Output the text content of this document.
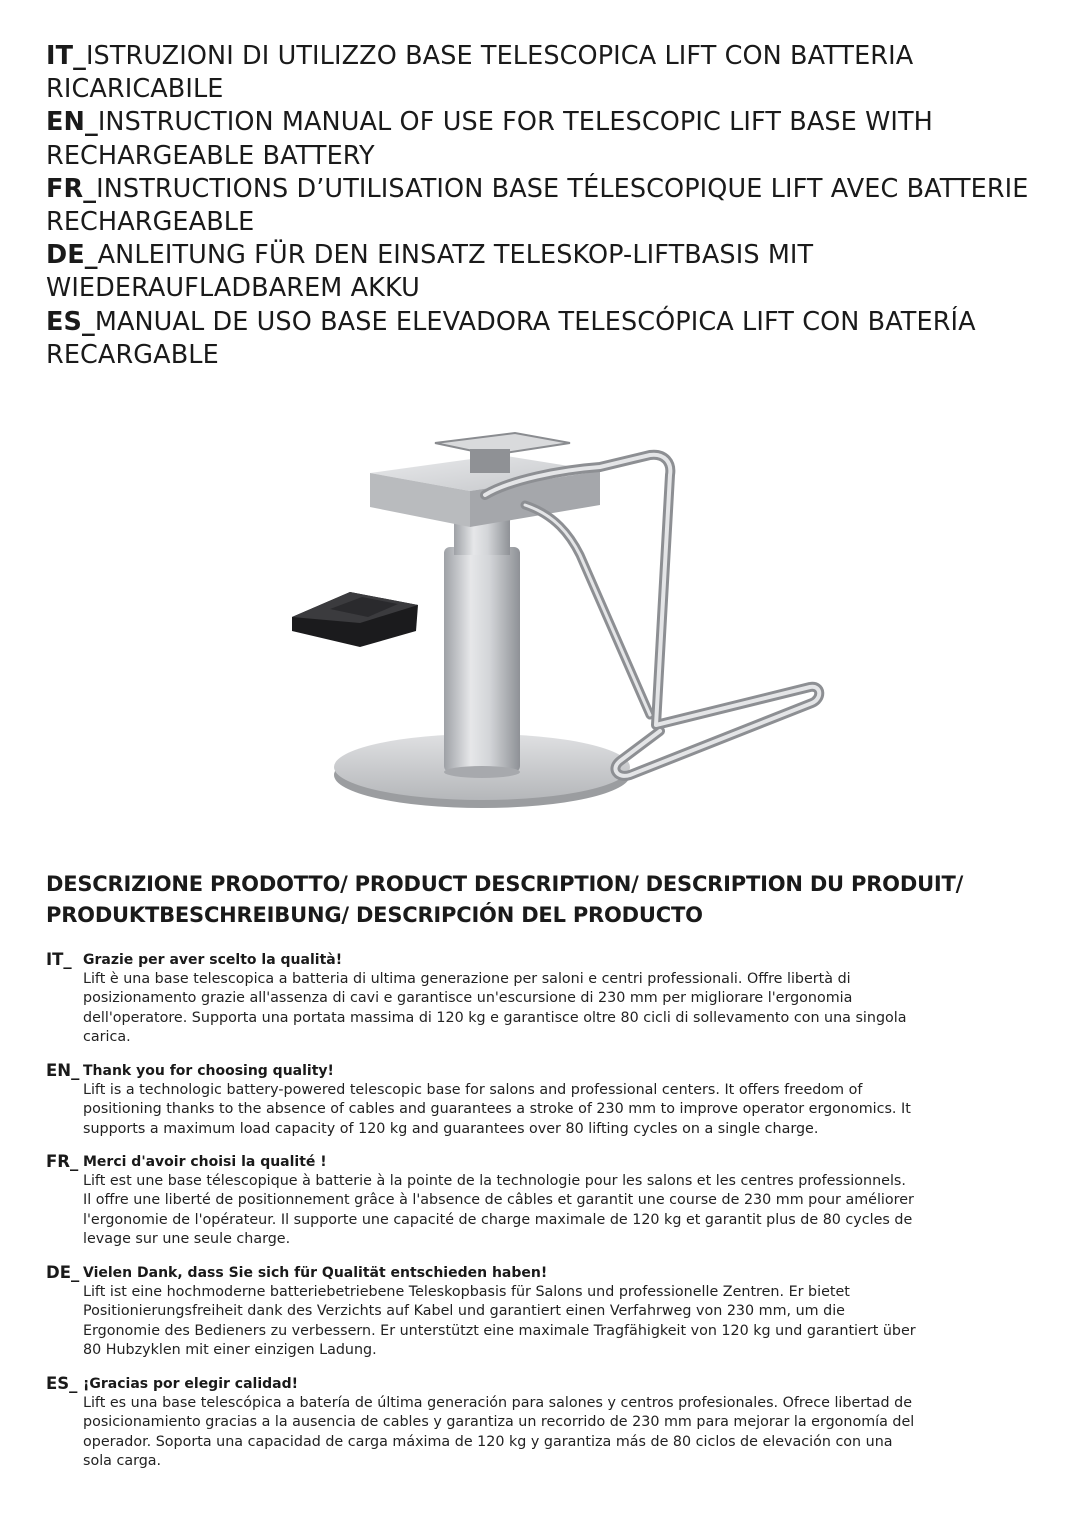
IT_ISTRUZIONI DI UTILIZZO BASE TELESCOPICA LIFT CON BATTERIA
RICARICABILE
EN_INSTRUCTION MANUAL OF USE FOR TELESCOPIC LIFT BASE WITH
RECHARGEABLE BATTERY
FR_INSTRUCTIONS D’UTILISATION BASE TÉLESCOPIQUE LIFT AVEC BATTERIE
RECHARGEABLE
DE_ANLEITUNG FÜR DEN EINSATZ TELESKOP-LIFTBASIS MIT
WIEDERAUFLADBAREM AKKU
ES_MANUAL DE USO BASE ELEVADORA TELESCÓPICA LIFT CON BATERÍA
RECARGABLE
DESCRIZIONE PRODOTTO/ PRODUCT DESCRIPTION/ DESCRIPTION DU PRODUIT/
PRODUKTBESCHREIBUNG/ DESCRIPCIÓN DEL PRODUCTO
IT_ Grazie per aver scelto la qualità!
Lift è una base telescopica a batteria di ultima generazione per saloni e centri professionali. Offre libertà di
posizionamento grazie all'assenza di cavi e garantisce un'escursione di 230 mm per migliorare l'ergonomia
dell'operatore. Supporta una portata massima di 120 kg e garantisce oltre 80 cicli di sollevamento con una singola
carica.
EN_ Thank you for choosing quality!
Lift is a technologic battery-powered telescopic base for salons and professional centers. It offers freedom of
positioning thanks to the absence of cables and guarantees a stroke of 230 mm to improve operator ergonomics. It
supports a maximum load capacity of 120 kg and guarantees over 80 lifting cycles on a single charge.
FR_ Merci d'avoir choisi la qualité !
Lift est une base télescopique à batterie à la pointe de la technologie pour les salons et les centres professionnels.
Il offre une liberté de positionnement grâce à l'absence de câbles et garantit une course de 230 mm pour améliorer
l'ergonomie de l'opérateur. Il supporte une capacité de charge maximale de 120 kg et garantit plus de 80 cycles de
levage sur une seule charge.
DE_ Vielen Dank, dass Sie sich für Qualität entschieden haben!
Lift ist eine hochmoderne batteriebetriebene Teleskopbasis für Salons und professionelle Zentren. Er bietet
Positionierungsfreiheit dank des Verzichts auf Kabel und garantiert einen Verfahrweg von 230 mm, um die
Ergonomie des Bedieners zu verbessern. Er unterstützt eine maximale Tragfähigkeit von 120 kg und garantiert über
80 Hubzyklen mit einer einzigen Ladung.
ES_ ¡Gracias por elegir calidad!
Lift es una base telescópica a batería de última generación para salones y centros profesionales. Ofrece libertad de
posicionamiento gracias a la ausencia de cables y garantiza un recorrido de 230 mm para mejorar la ergonomía del
operador. Soporta una capacidad de carga máxima de 120 kg y garantiza más de 80 ciclos de elevación con una
sola carga.
